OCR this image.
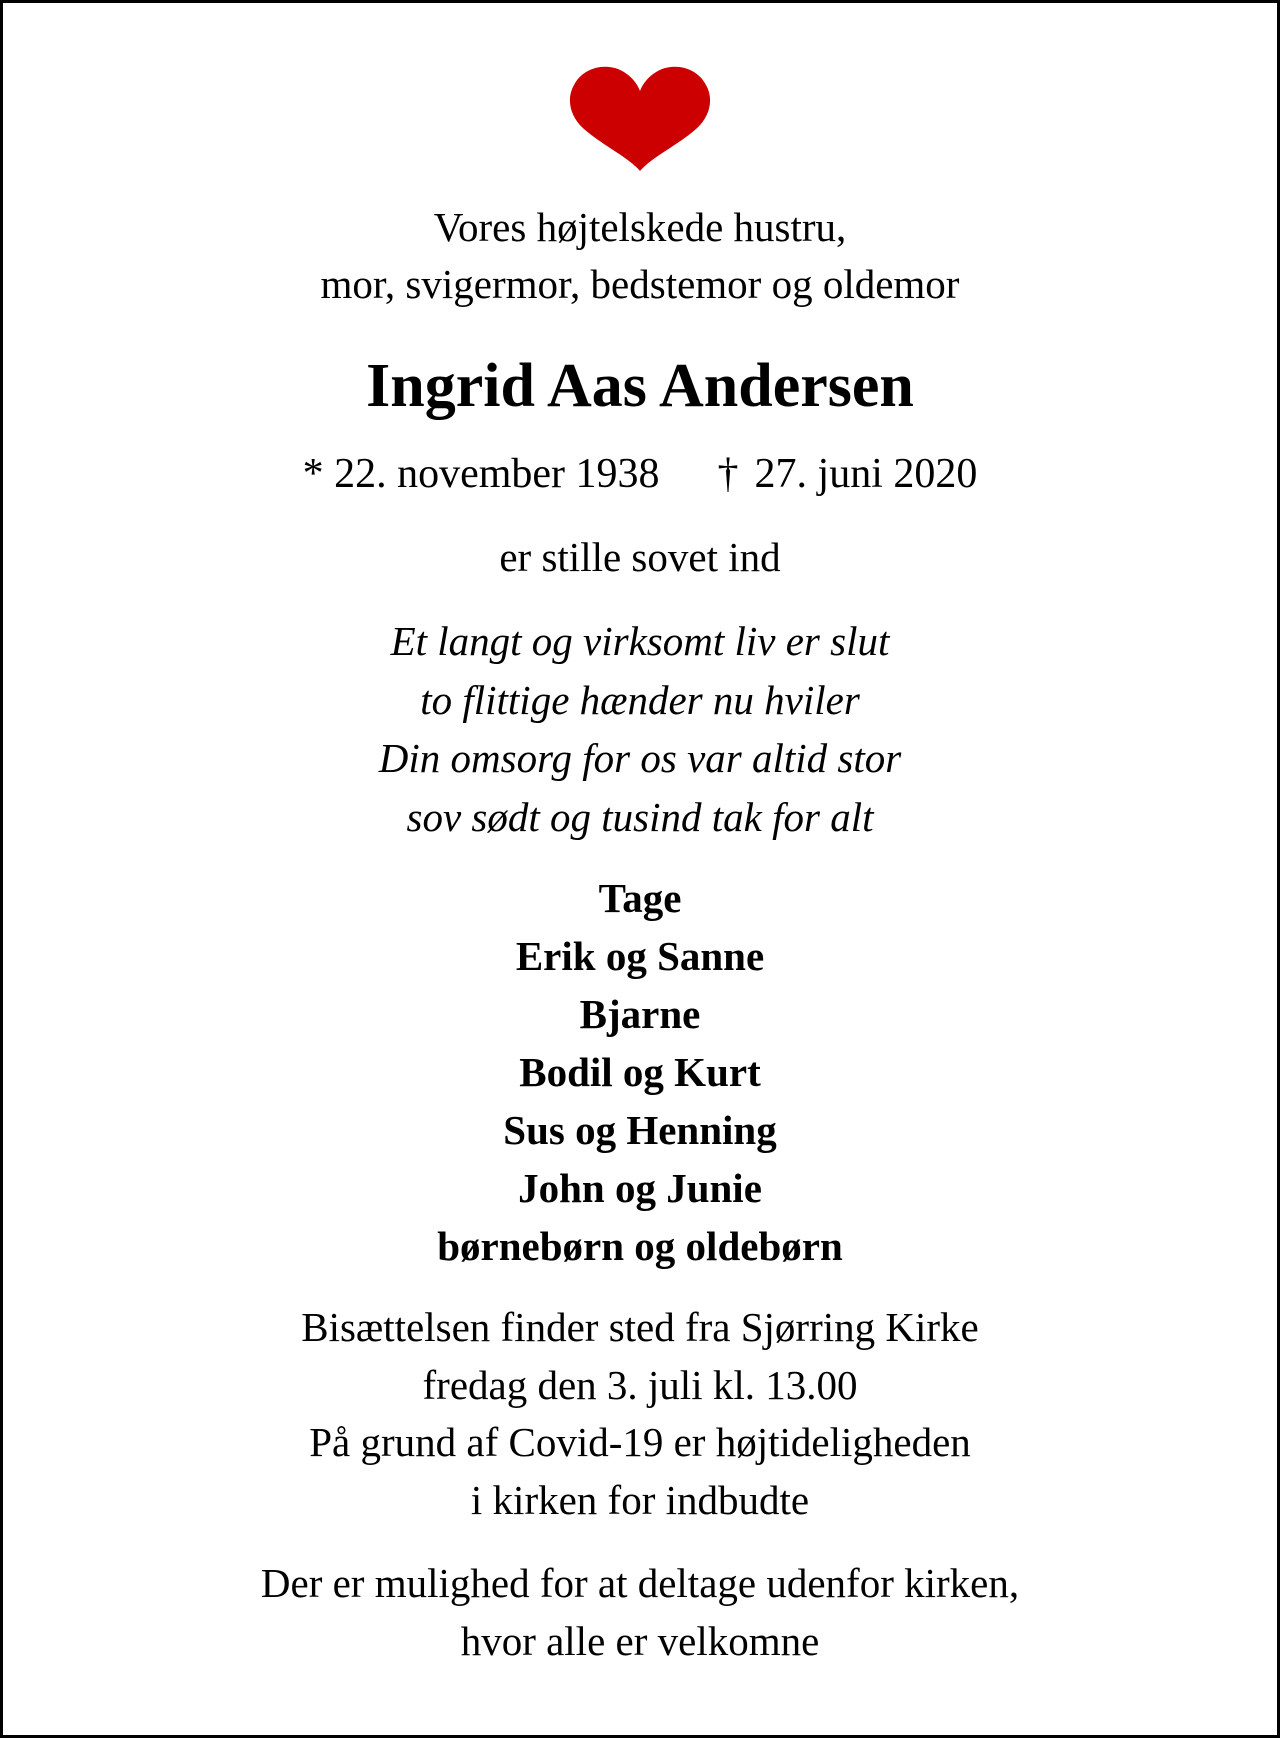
Vores højtelskede hustru,
mor, svigermor, bedstemor og oldemor
Ingrid Aas Andersen
* 22. november 1938 † 27. juni 2020
er stille sovet ind
Et langt og virksomt liv er slut
to flittige hænder nu hviler
Din omsorg for os var altid stor
sov sødt og tusind tak for alt
Tage
Erik og Sanne
Bjarne
Bodil og Kurt
Sus og Henning
John og Junie
børnebørn og oldebørn
Bisættelsen finder sted fra Sjørring Kirke
fredag den 3. juli kl. 13.00
På grund af Covid-19 er højtideligheden
i kirken for indbudte
Der er mulighed for at deltage udenfor kirken,
hvor alle er velkomne
